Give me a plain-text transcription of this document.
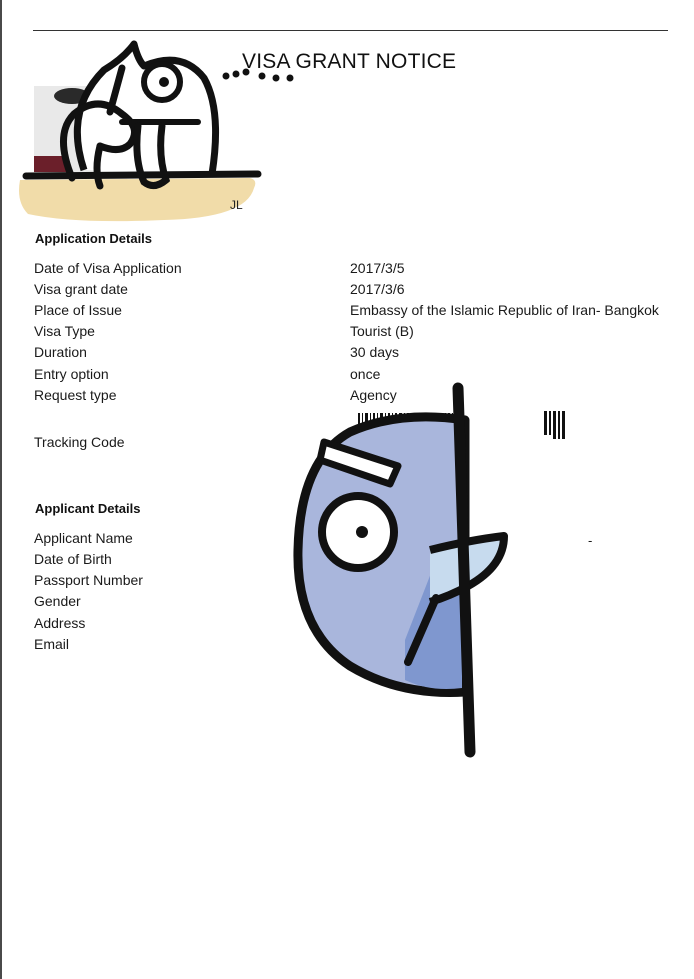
VISA GRANT NOTICE
JL
Application Details
Date of Visa Application	2017/3/5
Visa grant date	2017/3/6
Place of Issue	Embassy of the Islamic Republic of Iran- Bangkok
Visa Type	Tourist (B)
Duration	30 days
Entry option	once
Request type	Agency
Tracking Code
Applicant Details
Applicant Name	-
Date of Birth
Passport Number
Gender
Address
Email
